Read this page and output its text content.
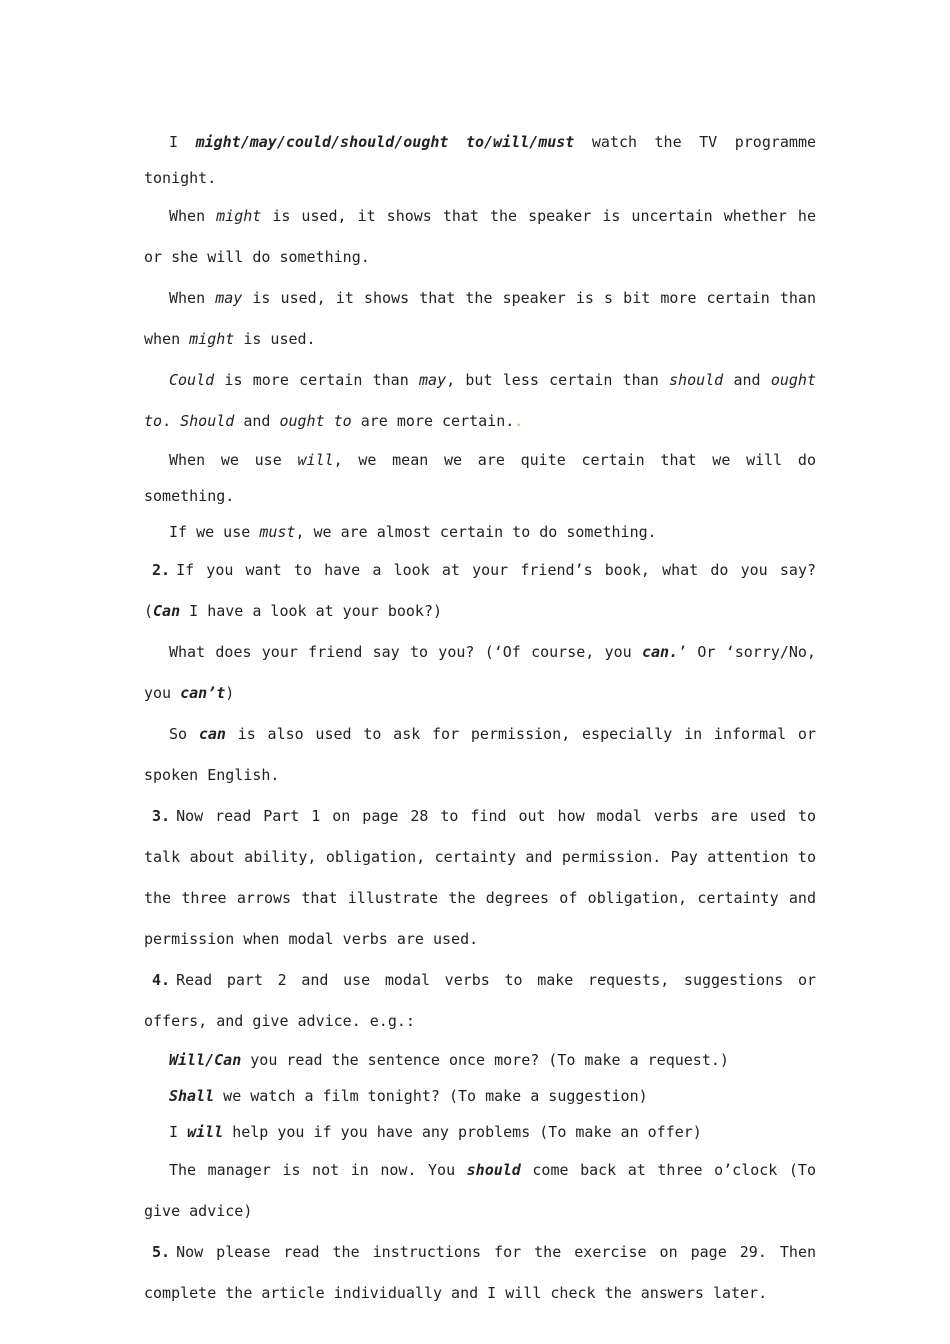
I might/may/could/should/ought to/will/must watch the TV programme tonight.

When might is used, it shows that the speaker is uncertain whether he or she will do something.

When may is used, it shows that the speaker is s bit more certain than when might is used.

Could is more certain than may, but less certain than should and ought to. Should and ought to are more certain..

When we use will, we mean we are quite certain that we will do something.

If we use must, we are almost certain to do something.

2. If you want to have a look at your friend’s book, what do you say? (Can I have a look at your book?)

What does your friend say to you? (‘Of course, you can.’ Or ‘sorry/No, you can’t)

So can is also used to ask for permission, especially in informal or spoken English.

3. Now read Part 1 on page 28 to find out how modal verbs are used to talk about ability, obligation, certainty and permission. Pay attention to the three arrows that illustrate the degrees of obligation, certainty and permission when modal verbs are used.

4. Read part 2 and use modal verbs to make requests, suggestions or offers, and give advice. e.g.:

Will/Can you read the sentence once more? (To make a request.)

Shall we watch a film tonight? (To make a suggestion)

I will help you if you have any problems (To make an offer)

The manager is not in now. You should come back at three o’clock (To give advice)

5. Now please read the instructions for the exercise on page 29. Then complete the article individually and I will check the answers later.
